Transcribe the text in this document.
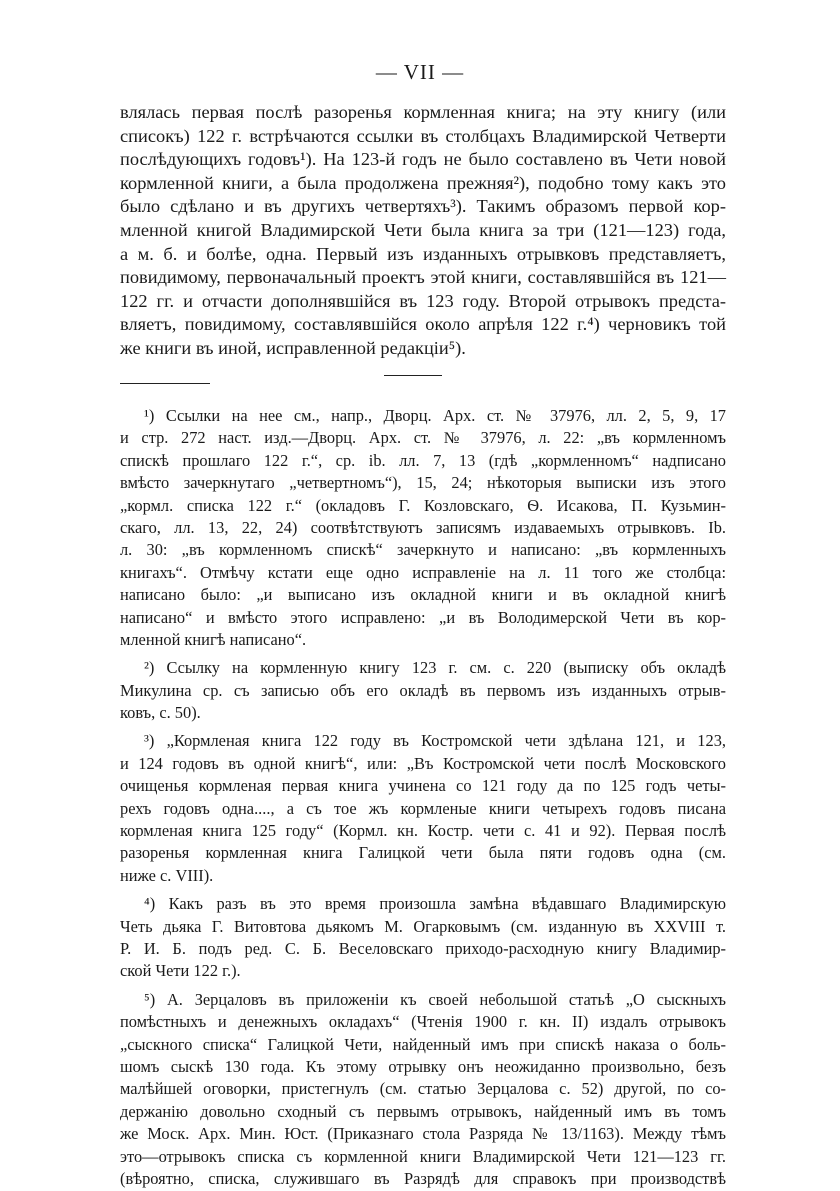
— VII —
влялась первая послѣ разоренья кормленная книга; на эту книгу (или
списокъ) 122 г. встрѣчаются ссылки въ столбцахъ Владимирской Четверти
послѣдующихъ годовъ¹). На 123-й годъ не было составлено въ Чети новой
кормленной книги, а была продолжена прежняя²), подобно тому какъ это
было сдѣлано и въ другихъ четвертяхъ³). Такимъ образомъ первой кор-
мленной книгой Владимирской Чети была книга за три (121—123) года,
а м. б. и болѣе, одна. Первый изъ изданныхъ отрывковъ представляетъ,
повидимому, первоначальный проектъ этой книги, составлявшійся въ 121—
122 гг. и отчасти дополнявшійся въ 123 году. Второй отрывокъ предста-
вляетъ, повидимому, составлявшійся около апрѣля 122 г.⁴) черновикъ той
же книги въ иной, исправленной редакціи⁵).
¹) Ссылки на нее см., напр., Дворц. Арх. ст. № 37976, лл. 2, 5, 9, 17
и стр. 272 наст. изд.—Дворц. Арх. ст. № 37976, л. 22: „въ кормленномъ
спискѣ прошлаго 122 г.“, ср. ib. лл. 7, 13 (гдѣ „кормленномъ“ надписано
вмѣсто зачеркнутаго „четвертномъ“), 15, 24; нѣкоторыя выписки изъ этого
„кормл. списка 122 г.“ (окладовъ Г. Козловскаго, Ѳ. Исакова, П. Кузьмин-
скаго, лл. 13, 22, 24) соотвѣтствуютъ записямъ издаваемыхъ отрывковъ. Ib.
л. 30: „въ кормленномъ спискѣ“ зачеркнуто и написано: „въ кормленныхъ
книгахъ“. Отмѣчу кстати еще одно исправленіе на л. 11 того же столбца:
написано было: „и выписано изъ окладной книги и въ окладной книгѣ
написано“ и вмѣсто этого исправлено: „и въ Володимерской Чети въ кор-
мленной книгѣ написано“.
²) Ссылку на кормленную книгу 123 г. см. с. 220 (выписку объ окладѣ
Микулина ср. съ записью объ его окладѣ въ первомъ изъ изданныхъ отрыв-
ковъ, с. 50).
³) „Кормленая книга 122 году въ Костромской чети здѣлана 121, и 123,
и 124 годовъ въ одной книгѣ“, или: „Въ Костромской чети послѣ Московского
очищенья кормленая первая книга учинена со 121 году да по 125 годъ четы-
рехъ годовъ одна...., а съ тое жъ кормленые книги четырехъ годовъ писана
кормленая книга 125 году“ (Кормл. кн. Костр. чети с. 41 и 92). Первая послѣ
разоренья кормленная книга Галицкой чети была пяти годовъ одна (см.
ниже с. VIII).
⁴) Какъ разъ въ это время произошла замѣна вѣдавшаго Владимирскую
Четь дьяка Г. Витовтова дьякомъ М. Огарковымъ (см. изданную въ XXVIII т.
Р. И. Б. подъ ред. С. Б. Веселовскаго приходо-расходную книгу Владимир-
ской Чети 122 г.).
⁵) А. Зерцаловъ въ приложеніи къ своей небольшой статьѣ „О сыскныхъ
помѣстныхъ и денежныхъ окладахъ“ (Чтенія 1900 г. кн. II) издалъ отрывокъ
„сыскного списка“ Галицкой Чети, найденный имъ при спискѣ наказа о боль-
шомъ сыскѣ 130 года. Къ этому отрывку онъ неожиданно произвольно, безъ
малѣйшей оговорки, пристегнулъ (см. статью Зерцалова с. 52) другой, по со-
держанію довольно сходный съ первымъ отрывокъ, найденный имъ въ томъ
же Моск. Арх. Мин. Юст. (Приказнаго стола Разряда № 13/1163). Между тѣмъ
это—отрывокъ списка съ кормленной книги Владимирской Чети 121—123 гг.
(вѣроятно, списка, служившаго въ Разрядѣ для справокъ при производствѣ
